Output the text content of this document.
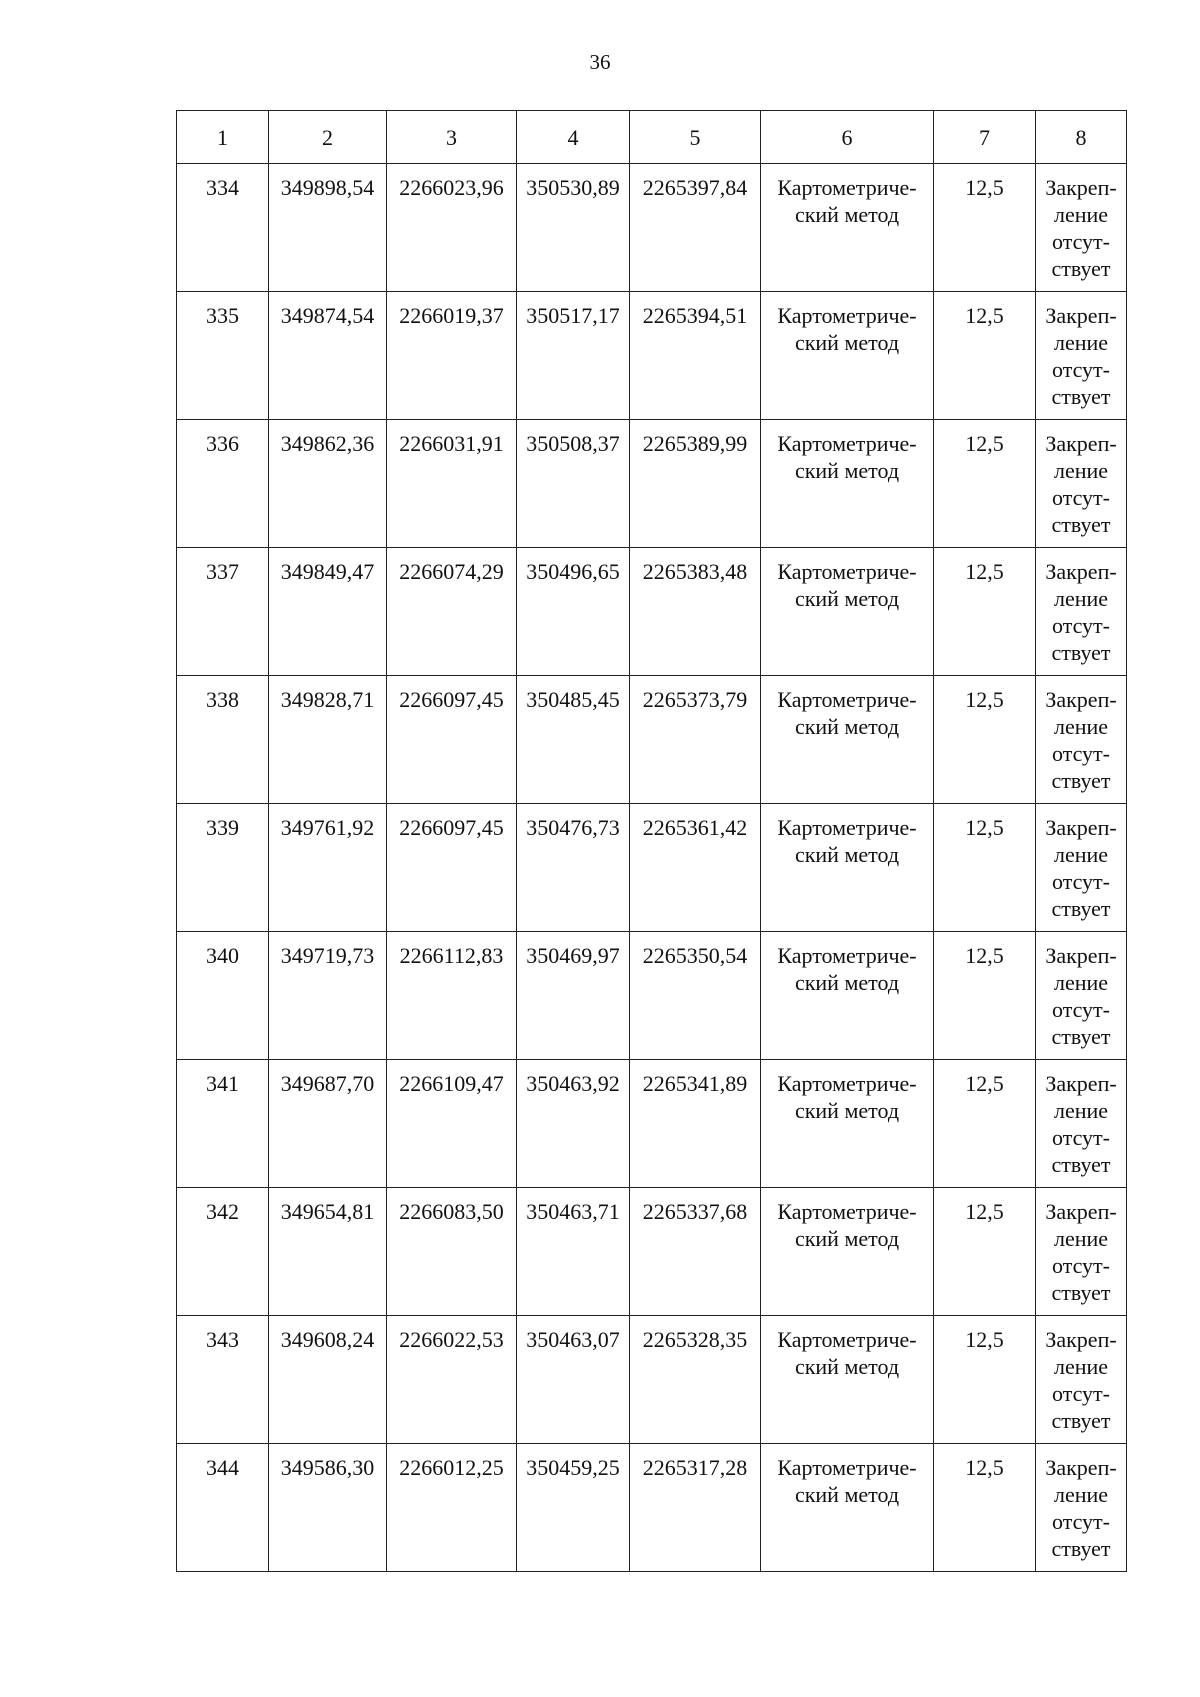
36
1	2	3	4	5	6	7	8
334	349898,54	2266023,96	350530,89	2265397,84	Картометриче-ский метод	12,5	Закреп-ление отсут-ствует
335	349874,54	2266019,37	350517,17	2265394,51	Картометриче-ский метод	12,5	Закреп-ление отсут-ствует
336	349862,36	2266031,91	350508,37	2265389,99	Картометриче-ский метод	12,5	Закреп-ление отсут-ствует
337	349849,47	2266074,29	350496,65	2265383,48	Картометриче-ский метод	12,5	Закреп-ление отсут-ствует
338	349828,71	2266097,45	350485,45	2265373,79	Картометриче-ский метод	12,5	Закреп-ление отсут-ствует
339	349761,92	2266097,45	350476,73	2265361,42	Картометриче-ский метод	12,5	Закреп-ление отсут-ствует
340	349719,73	2266112,83	350469,97	2265350,54	Картометриче-ский метод	12,5	Закреп-ление отсут-ствует
341	349687,70	2266109,47	350463,92	2265341,89	Картометриче-ский метод	12,5	Закреп-ление отсут-ствует
342	349654,81	2266083,50	350463,71	2265337,68	Картометриче-ский метод	12,5	Закреп-ление отсут-ствует
343	349608,24	2266022,53	350463,07	2265328,35	Картометриче-ский метод	12,5	Закреп-ление отсут-ствует
344	349586,30	2266012,25	350459,25	2265317,28	Картометриче-ский метод	12,5	Закреп-ление отсут-ствует
